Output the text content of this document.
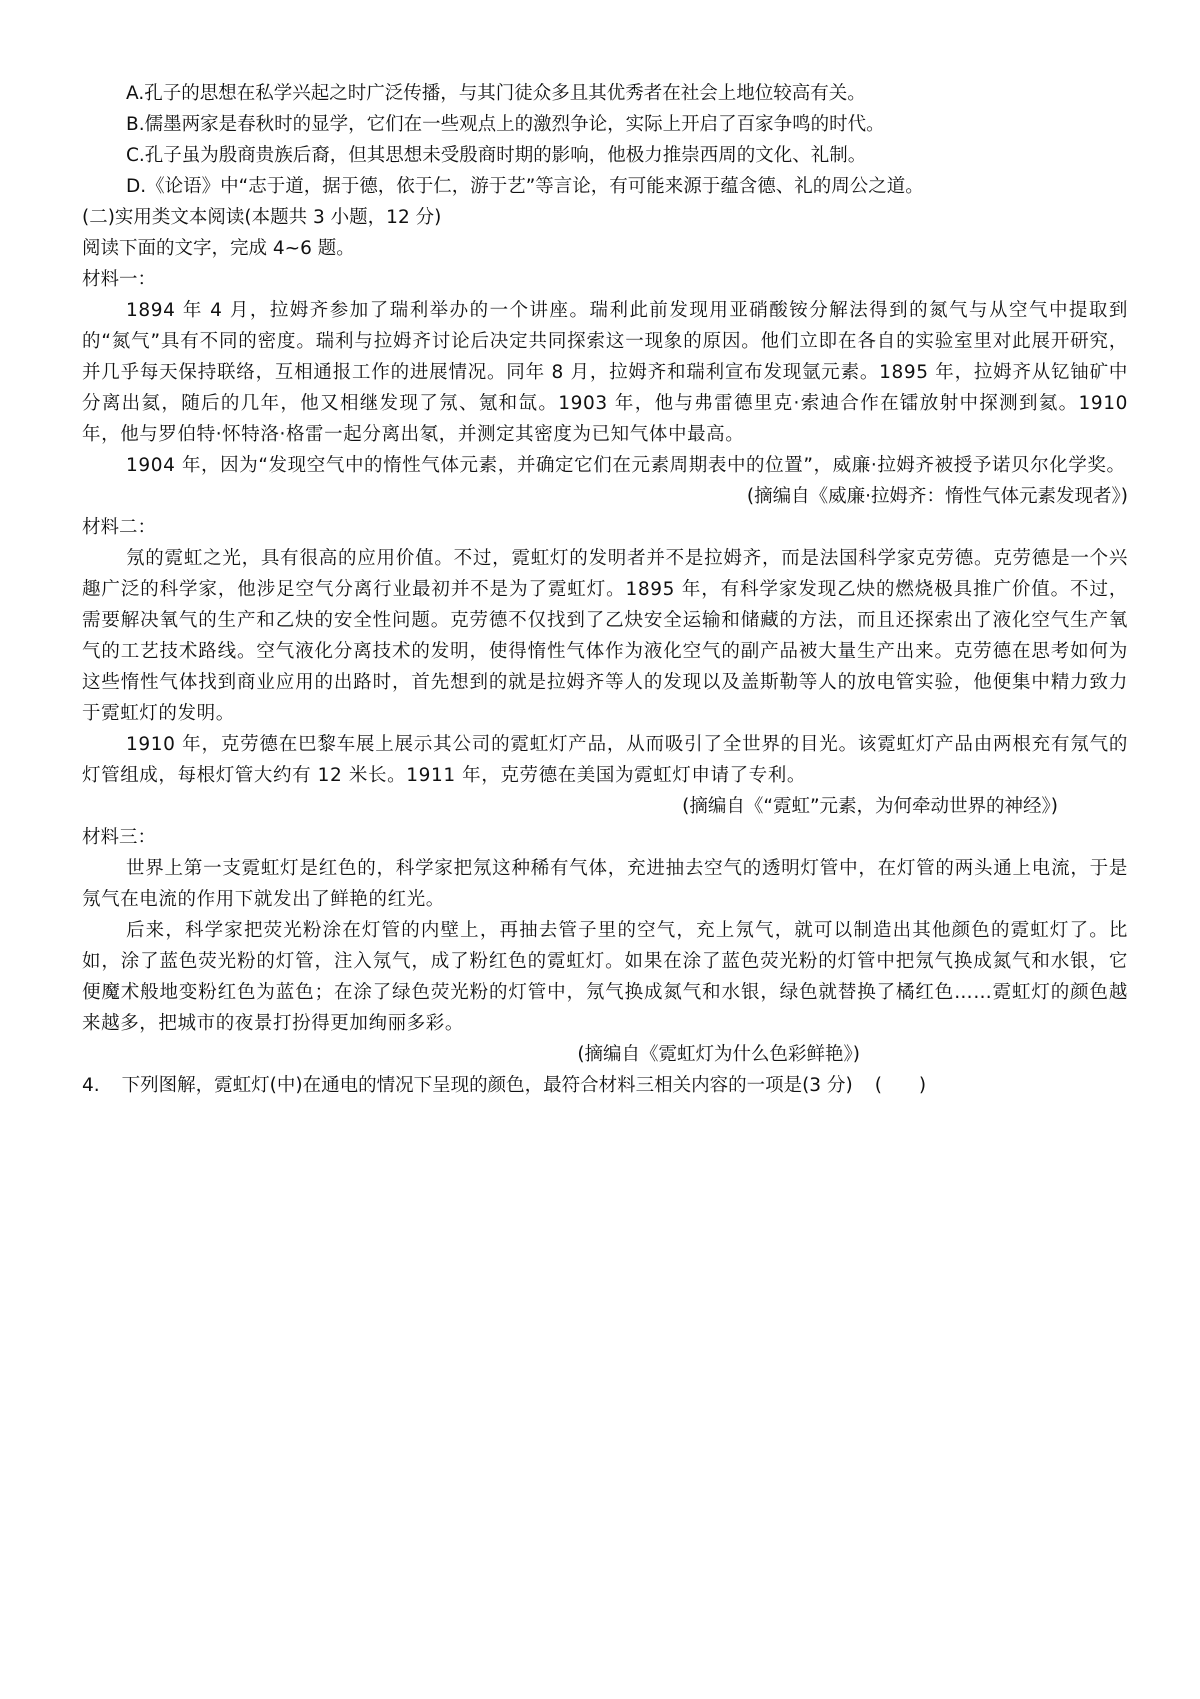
A.孔子的思想在私学兴起之时广泛传播，与其门徒众多且其优秀者在社会上地位较高有关。

B.儒墨两家是春秋时的显学，它们在一些观点上的激烈争论，实际上开启了百家争鸣的时代。

C.孔子虽为殷商贵族后裔，但其思想未受殷商时期的影响，他极力推崇西周的文化、礼制。

D.《论语》中“志于道，据于德，依于仁，游于艺”等言论，有可能来源于蕴含德、礼的周公之道。

(二)实用类文本阅读(本题共 3 小题，12 分)

阅读下面的文字，完成 4~6 题。

材料一：

1894 年 4 月，拉姆齐参加了瑞利举办的一个讲座。瑞利此前发现用亚硝酸铵分解法得到的氮气与从空气中提取到的“氮气”具有不同的密度。瑞利与拉姆齐讨论后决定共同探索这一现象的原因。他们立即在各自的实验室里对此展开研究，并几乎每天保持联络，互相通报工作的进展情况。同年 8 月，拉姆齐和瑞利宣布发现氩元素。1895 年，拉姆齐从钇铀矿中分离出氦，随后的几年，他又相继发现了氖、氪和氙。1903 年，他与弗雷德里克·索迪合作在镭放射中探测到氦。1910 年，他与罗伯特·怀特洛·格雷一起分离出氡，并测定其密度为已知气体中最高。

1904 年，因为“发现空气中的惰性气体元素，并确定它们在元素周期表中的位置”，威廉·拉姆齐被授予诺贝尔化学奖。

(摘编自《威廉·拉姆齐：惰性气体元素发现者》)

材料二：

氖的霓虹之光，具有很高的应用价值。不过，霓虹灯的发明者并不是拉姆齐，而是法国科学家克劳德。克劳德是一个兴趣广泛的科学家，他涉足空气分离行业最初并不是为了霓虹灯。1895 年，有科学家发现乙炔的燃烧极具推广价值。不过，需要解决氧气的生产和乙炔的安全性问题。克劳德不仅找到了乙炔安全运输和储藏的方法，而且还探索出了液化空气生产氧气的工艺技术路线。空气液化分离技术的发明，使得惰性气体作为液化空气的副产品被大量生产出来。克劳德在思考如何为这些惰性气体找到商业应用的出路时，首先想到的就是拉姆齐等人的发现以及盖斯勒等人的放电管实验，他便集中精力致力于霓虹灯的发明。

1910 年，克劳德在巴黎车展上展示其公司的霓虹灯产品，从而吸引了全世界的目光。该霓虹灯产品由两根充有氖气的灯管组成，每根灯管大约有 12 米长。1911 年，克劳德在美国为霓虹灯申请了专利。

(摘编自《“霓虹”元素，为何牵动世界的神经》)

材料三：

世界上第一支霓虹灯是红色的，科学家把氖这种稀有气体，充进抽去空气的透明灯管中，在灯管的两头通上电流，于是氖气在电流的作用下就发出了鲜艳的红光。

后来，科学家把荧光粉涂在灯管的内壁上，再抽去管子里的空气，充上氖气，就可以制造出其他颜色的霓虹灯了。比如，涂了蓝色荧光粉的灯管，注入氖气，成了粉红色的霓虹灯。如果在涂了蓝色荧光粉的灯管中把氖气换成氮气和水银，它便魔术般地变粉红色为蓝色；在涂了绿色荧光粉的灯管中，氖气换成氮气和水银，绿色就替换了橘红色……霓虹灯的颜色越来越多，把城市的夜景打扮得更加绚丽多彩。

(摘编自《霓虹灯为什么色彩鲜艳》)

4. 下列图解，霓虹灯(中)在通电的情况下呈现的颜色，最符合材料三相关内容的一项是(3 分) (　　)
